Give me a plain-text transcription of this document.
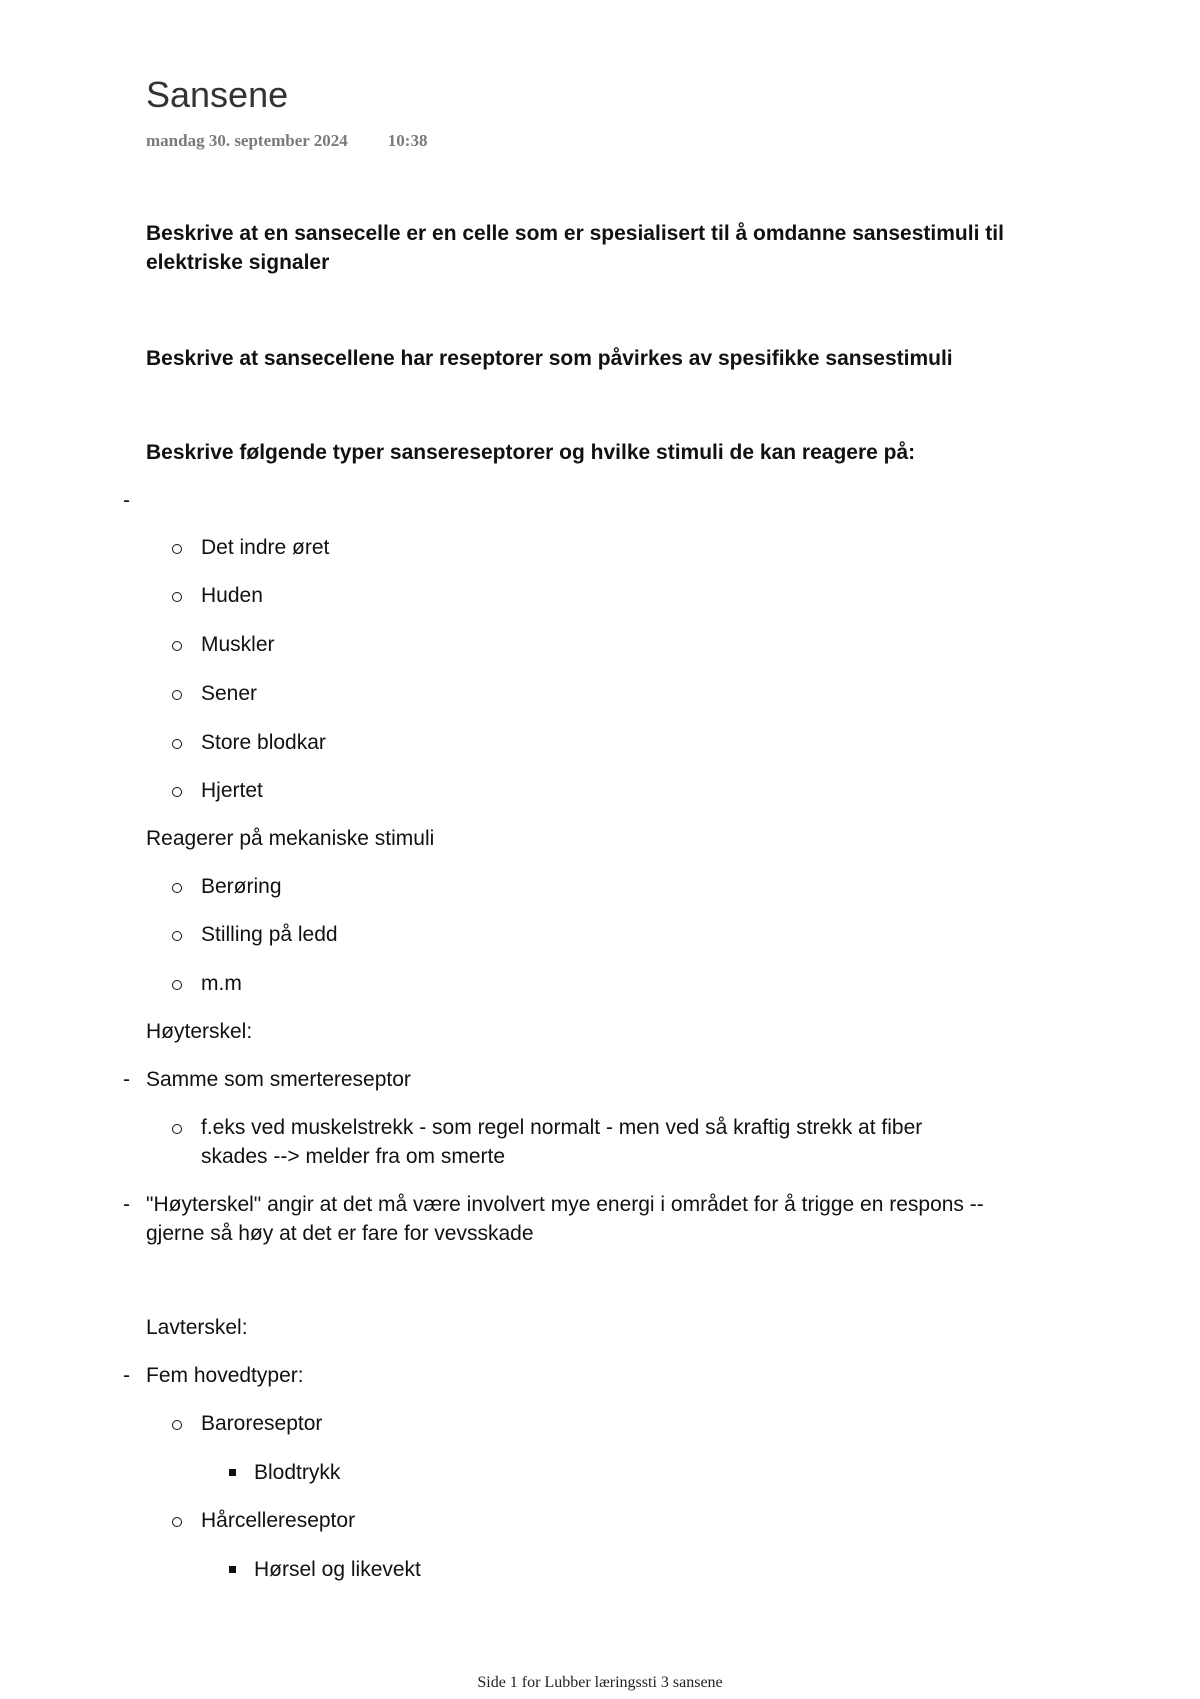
Sansene
mandag 30. september 2024 10:38
Beskrive at en sansecelle er en celle som er spesialisert til å omdanne sansestimuli til
elektriske signaler
Beskrive at sansecellene har reseptorer som påvirkes av spesifikke sansestimuli
Beskrive følgende typer sansereseptorer og hvilke stimuli de kan reagere på:
-
Det indre øret
Huden
Muskler
Sener
Store blodkar
Hjertet
Reagerer på mekaniske stimuli
Berøring
Stilling på ledd
m.m
Høyterskel:
- Samme som smertereseptor
f.eks ved muskelstrekk - som regel normalt - men ved så kraftig strekk at fiber
skades --> melder fra om smerte
- "Høyterskel" angir at det må være involvert mye energi i området for å trigge en respons --
gjerne så høy at det er fare for vevsskade
Lavterskel:
- Fem hovedtyper:
Baroreseptor
Blodtrykk
Hårcellereseptor
Hørsel og likevekt
Side 1 for Lubber læringssti 3 sansene
